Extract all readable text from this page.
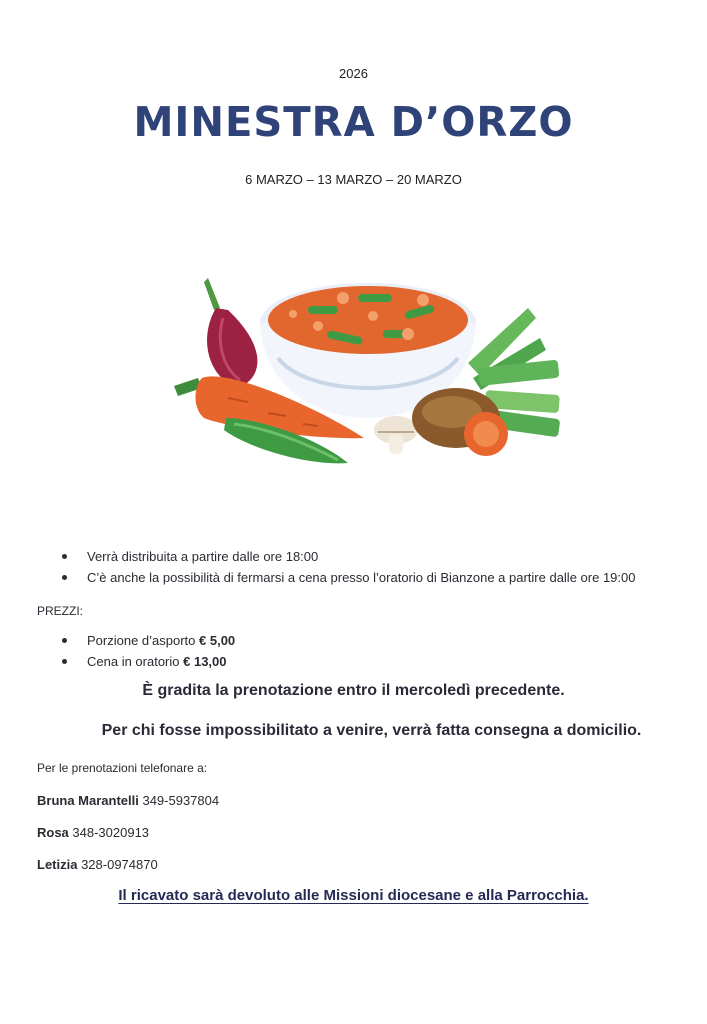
2026
MINESTRA D’ORZO
6 MARZO – 13 MARZO – 20 MARZO
Verrà distribuita a partire dalle ore 18:00
C’è anche la possibilità di fermarsi a cena presso l’oratorio di Bianzone a partire dalle ore 19:00
PREZZI:
Porzione d’asporto € 5,00
Cena in oratorio € 13,00
È gradita la prenotazione entro il mercoledì precedente.
Per chi fosse impossibilitato a venire, verrà fatta consegna a domicilio.
Per le prenotazioni telefonare a:
Bruna Marantelli 349-5937804
Rosa 348-3020913
Letizia 328-0974870
Il ricavato sarà devoluto alle Missioni diocesane e alla Parrocchia.
